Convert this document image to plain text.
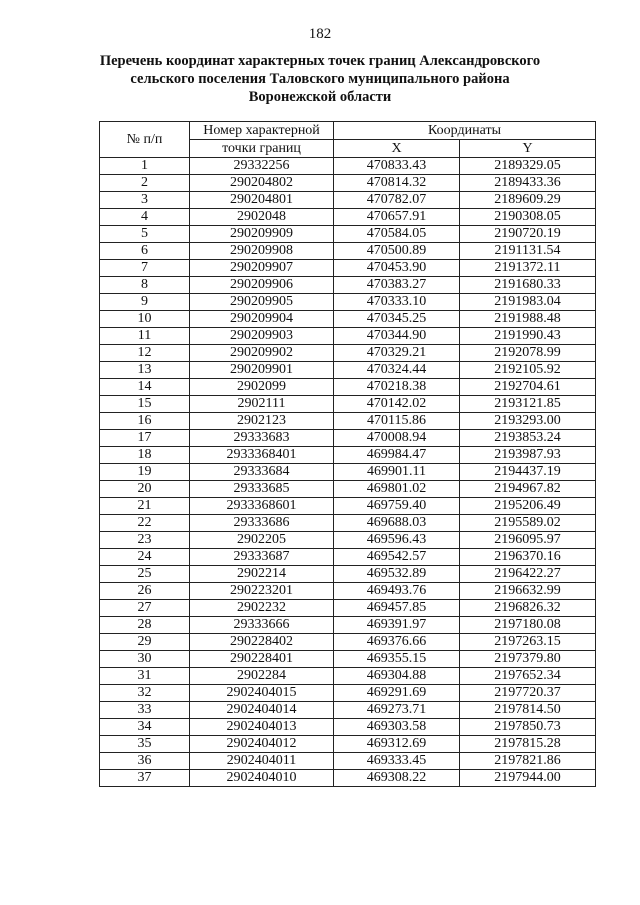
182
Перечень координат характерных точек границ Александровского
сельского поселения Таловского муниципального района
Воронежской области
№ п/п	Номер характерной	Координаты	
	точки границ	X	Y
1	29332256	470833.43	2189329.05
2	290204802	470814.32	2189433.36
3	290204801	470782.07	2189609.29
4	2902048	470657.91	2190308.05
5	290209909	470584.05	2190720.19
6	290209908	470500.89	2191131.54
7	290209907	470453.90	2191372.11
8	290209906	470383.27	2191680.33
9	290209905	470333.10	2191983.04
10	290209904	470345.25	2191988.48
11	290209903	470344.90	2191990.43
12	290209902	470329.21	2192078.99
13	290209901	470324.44	2192105.92
14	2902099	470218.38	2192704.61
15	2902111	470142.02	2193121.85
16	2902123	470115.86	2193293.00
17	29333683	470008.94	2193853.24
18	2933368401	469984.47	2193987.93
19	29333684	469901.11	2194437.19
20	29333685	469801.02	2194967.82
21	2933368601	469759.40	2195206.49
22	29333686	469688.03	2195589.02
23	2902205	469596.43	2196095.97
24	29333687	469542.57	2196370.16
25	2902214	469532.89	2196422.27
26	290223201	469493.76	2196632.99
27	2902232	469457.85	2196826.32
28	29333666	469391.97	2197180.08
29	290228402	469376.66	2197263.15
30	290228401	469355.15	2197379.80
31	2902284	469304.88	2197652.34
32	2902404015	469291.69	2197720.37
33	2902404014	469273.71	2197814.50
34	2902404013	469303.58	2197850.73
35	2902404012	469312.69	2197815.28
36	2902404011	469333.45	2197821.86
37	2902404010	469308.22	2197944.00
